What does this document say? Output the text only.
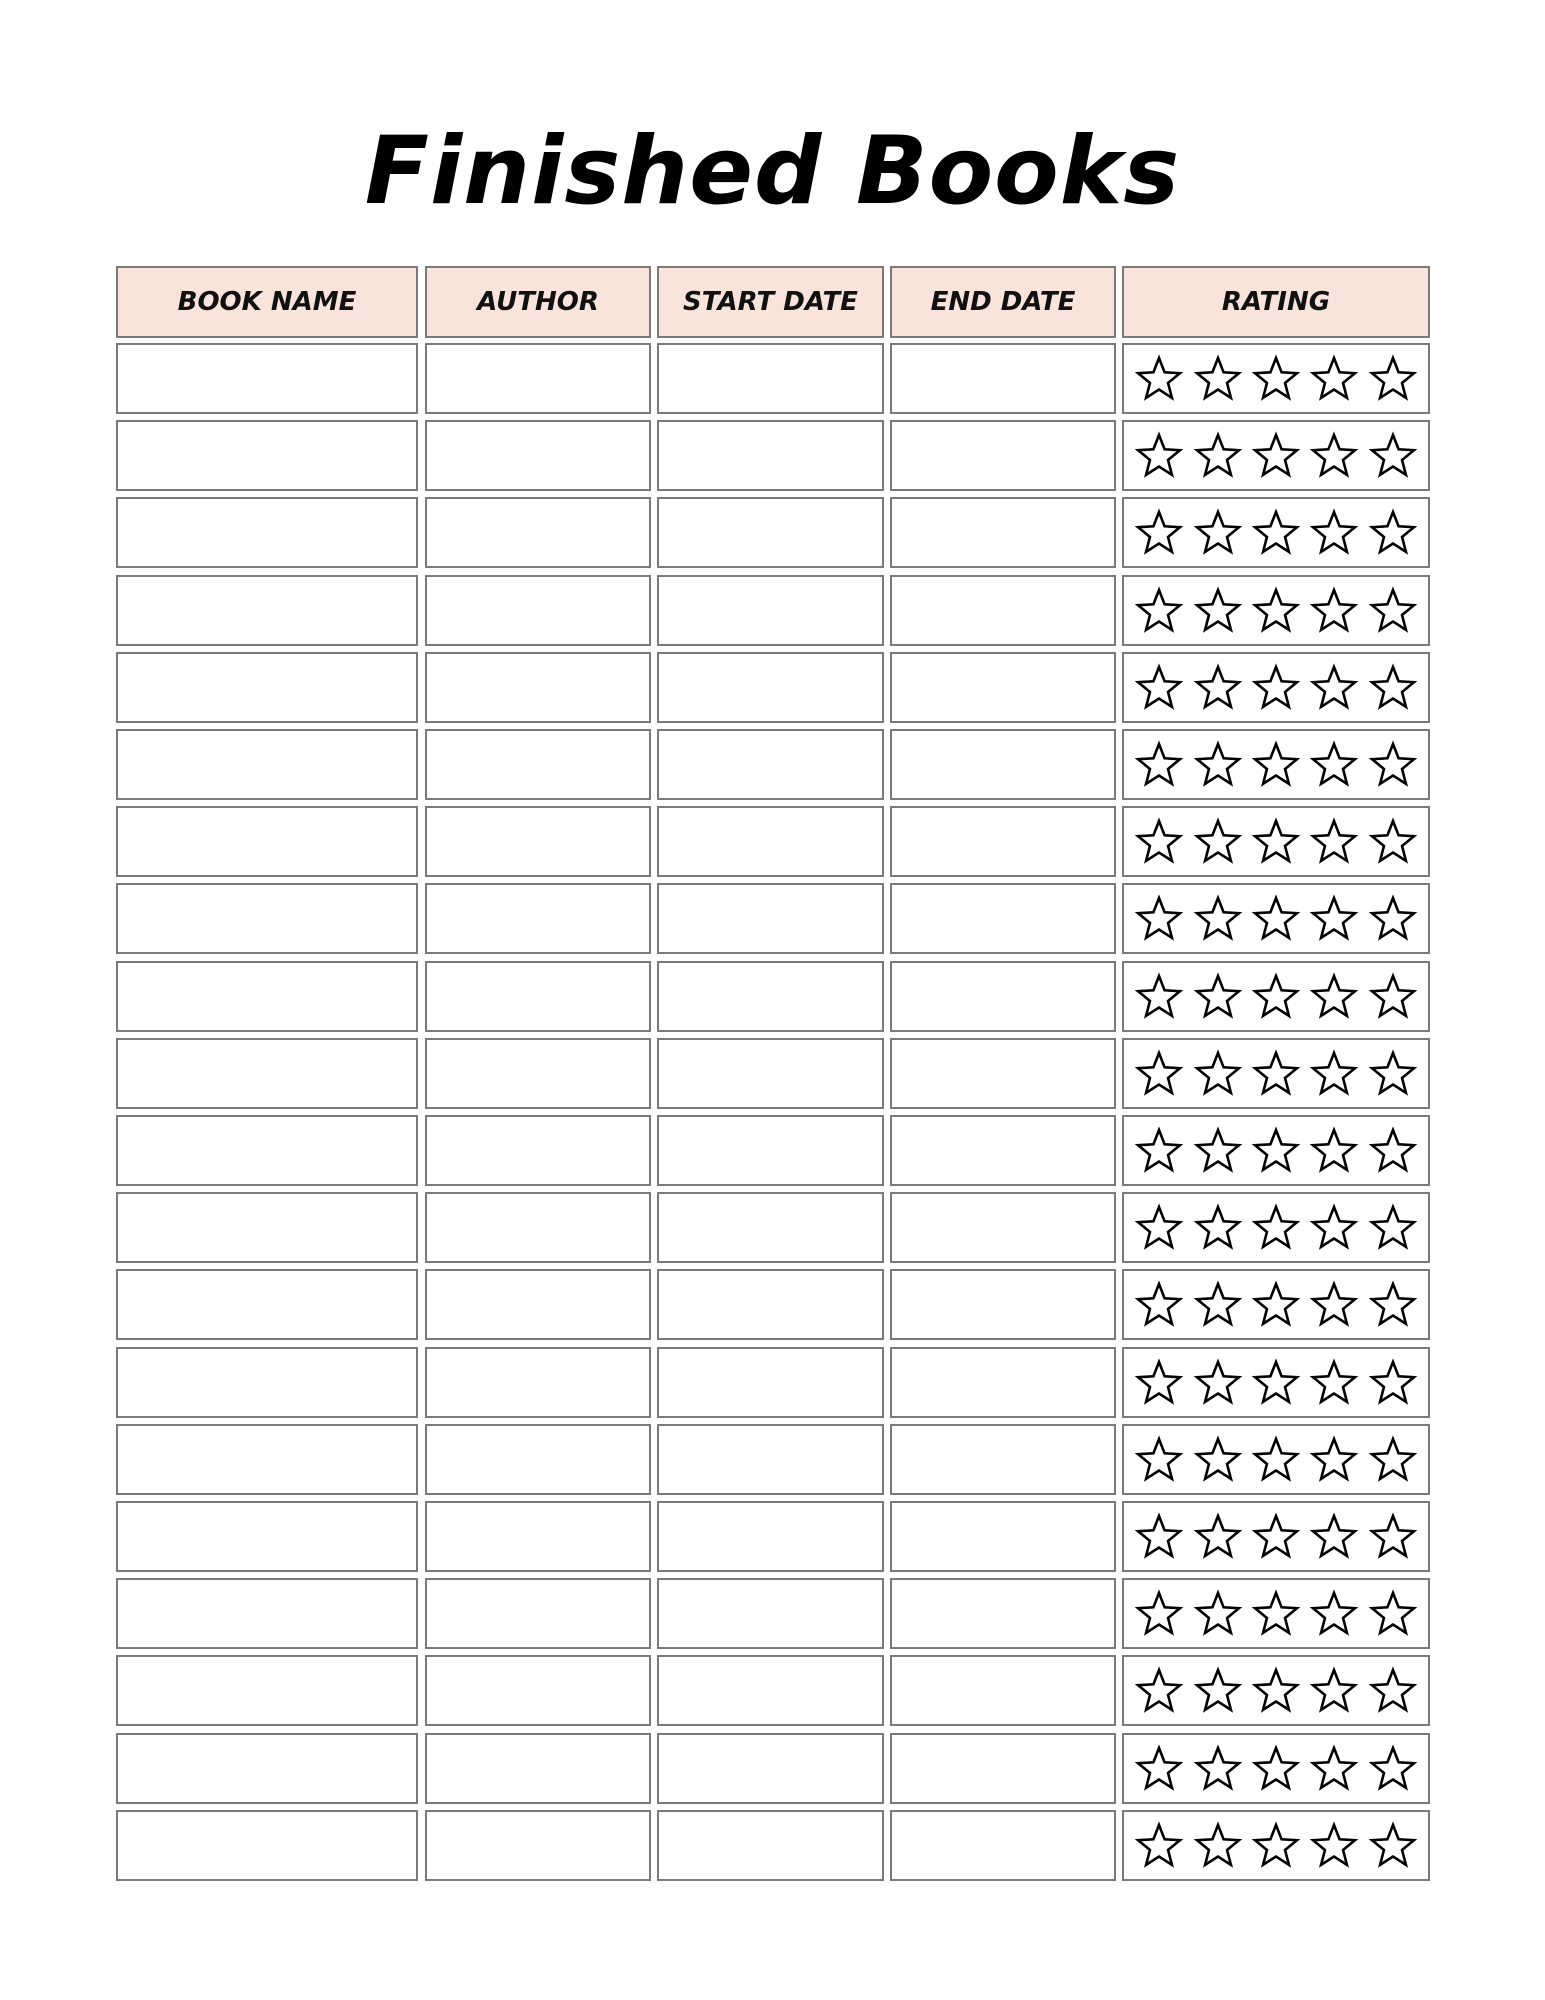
Finished Books
BOOK NAME	AUTHOR	START DATE	END DATE	RATING
